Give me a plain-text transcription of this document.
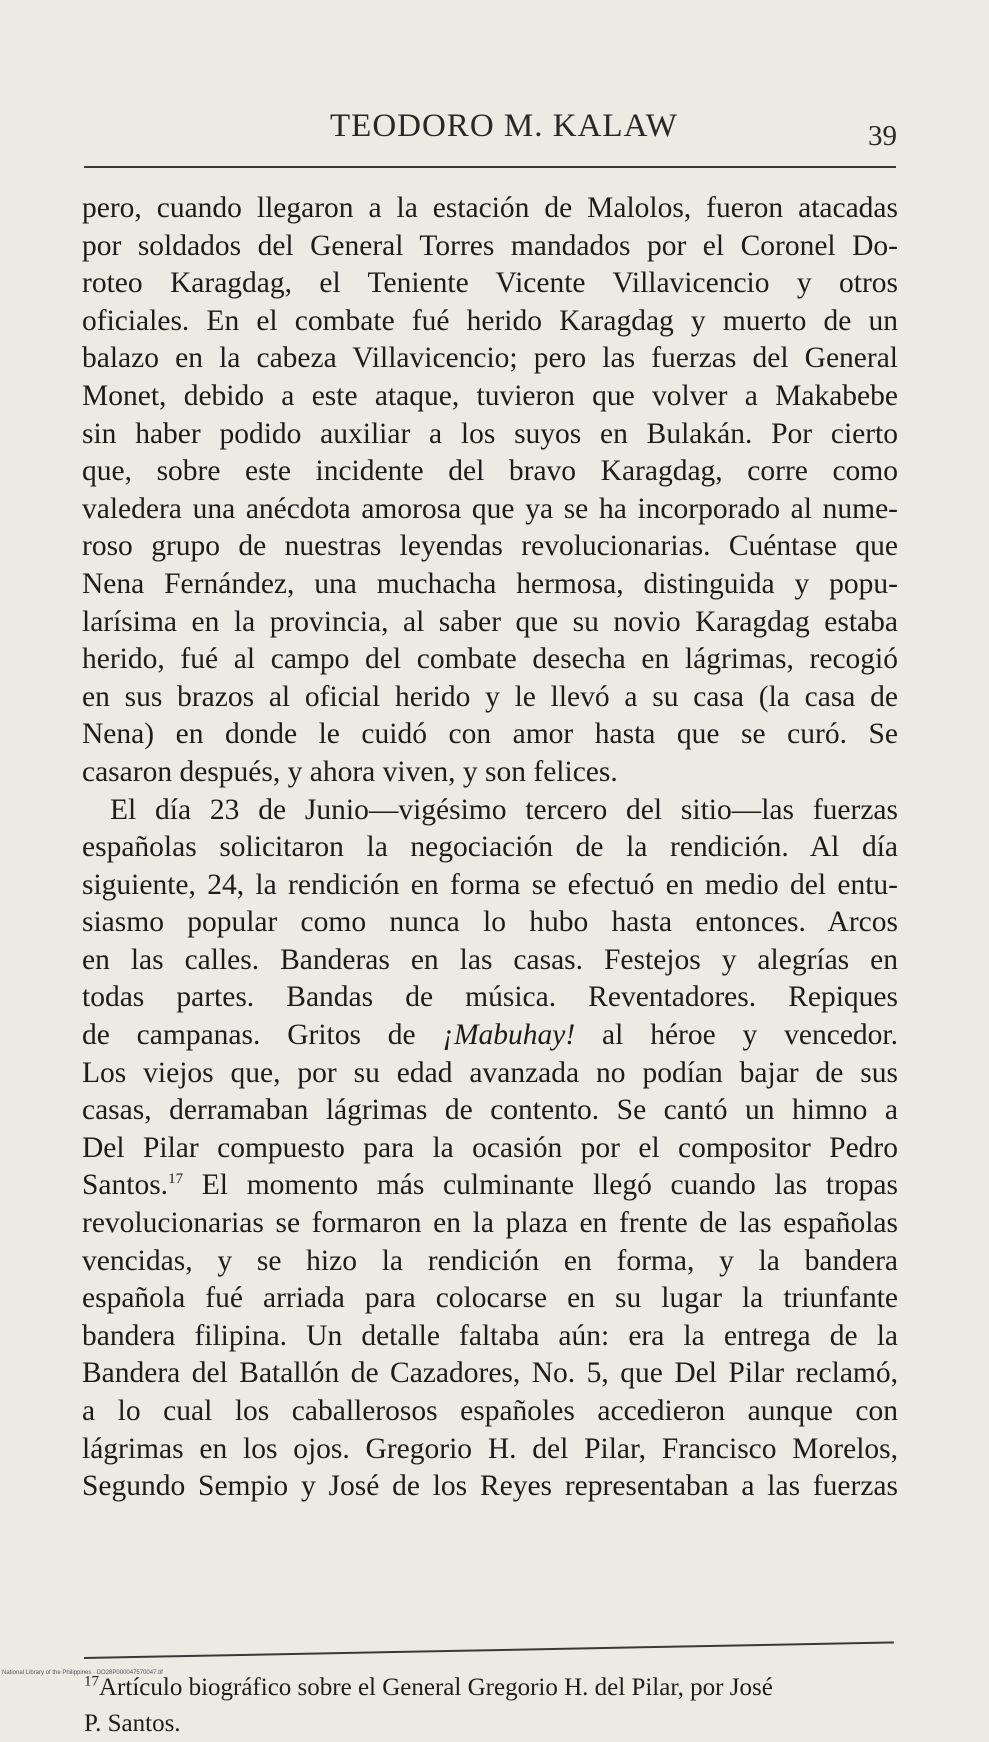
TEODORO M. KALAW	39
pero, cuando llegaron a la estación de Malolos, fueron atacadas
por soldados del General Torres mandados por el Coronel Do-
roteo Karagdag, el Teniente Vicente Villavicencio y otros
oficiales. En el combate fué herido Karagdag y muerto de un
balazo en la cabeza Villavicencio; pero las fuerzas del General
Monet, debido a este ataque, tuvieron que volver a Makabebe
sin haber podido auxiliar a los suyos en Bulakán. Por cierto
que, sobre este incidente del bravo Karagdag, corre como
valedera una anécdota amorosa que ya se ha incorporado al nume-
roso grupo de nuestras leyendas revolucionarias. Cuéntase que
Nena Fernández, una muchacha hermosa, distinguida y popu-
larísima en la provincia, al saber que su novio Karagdag estaba
herido, fué al campo del combate desecha en lágrimas, recogió
en sus brazos al oficial herido y le llevó a su casa (la casa de
Nena) en donde le cuidó con amor hasta que se curó. Se
casaron después, y ahora viven, y son felices.
El día 23 de Junio—vigésimo tercero del sitio—las fuerzas
españolas solicitaron la negociación de la rendición. Al día
siguiente, 24, la rendición en forma se efectuó en medio del entu-
siasmo popular como nunca lo hubo hasta entonces. Arcos
en las calles. Banderas en las casas. Festejos y alegrías en
todas partes. Bandas de música. Reventadores. Repiques
de campanas. Gritos de ¡Mabuhay! al héroe y vencedor.
Los viejos que, por su edad avanzada no podían bajar de sus
casas, derramaban lágrimas de contento. Se cantó un himno a
Del Pilar compuesto para la ocasión por el compositor Pedro
Santos.$^{17}$ El momento más culminante llegó cuando las tropas
revolucionarias se formaron en la plaza en frente de las españolas
vencidas, y se hizo la rendición en forma, y la bandera
española fué arriada para colocarse en su lugar la triunfante
bandera filipina. Un detalle faltaba aún: era la entrega de la
Bandera del Batallón de Cazadores, No. 5, que Del Pilar reclamó,
a lo cual los caballerosos españoles accedieron aunque con
lágrimas en los ojos. Gregorio H. del Pilar, Francisco Morelos,
Segundo Sempio y José de los Reyes representaban a las fuerzas
$^{17}$Artículo biográfico sobre el General Gregorio H. del Pilar, por José
P. Santos.
National Library of the Philippines · DO28P000047570047.tif
